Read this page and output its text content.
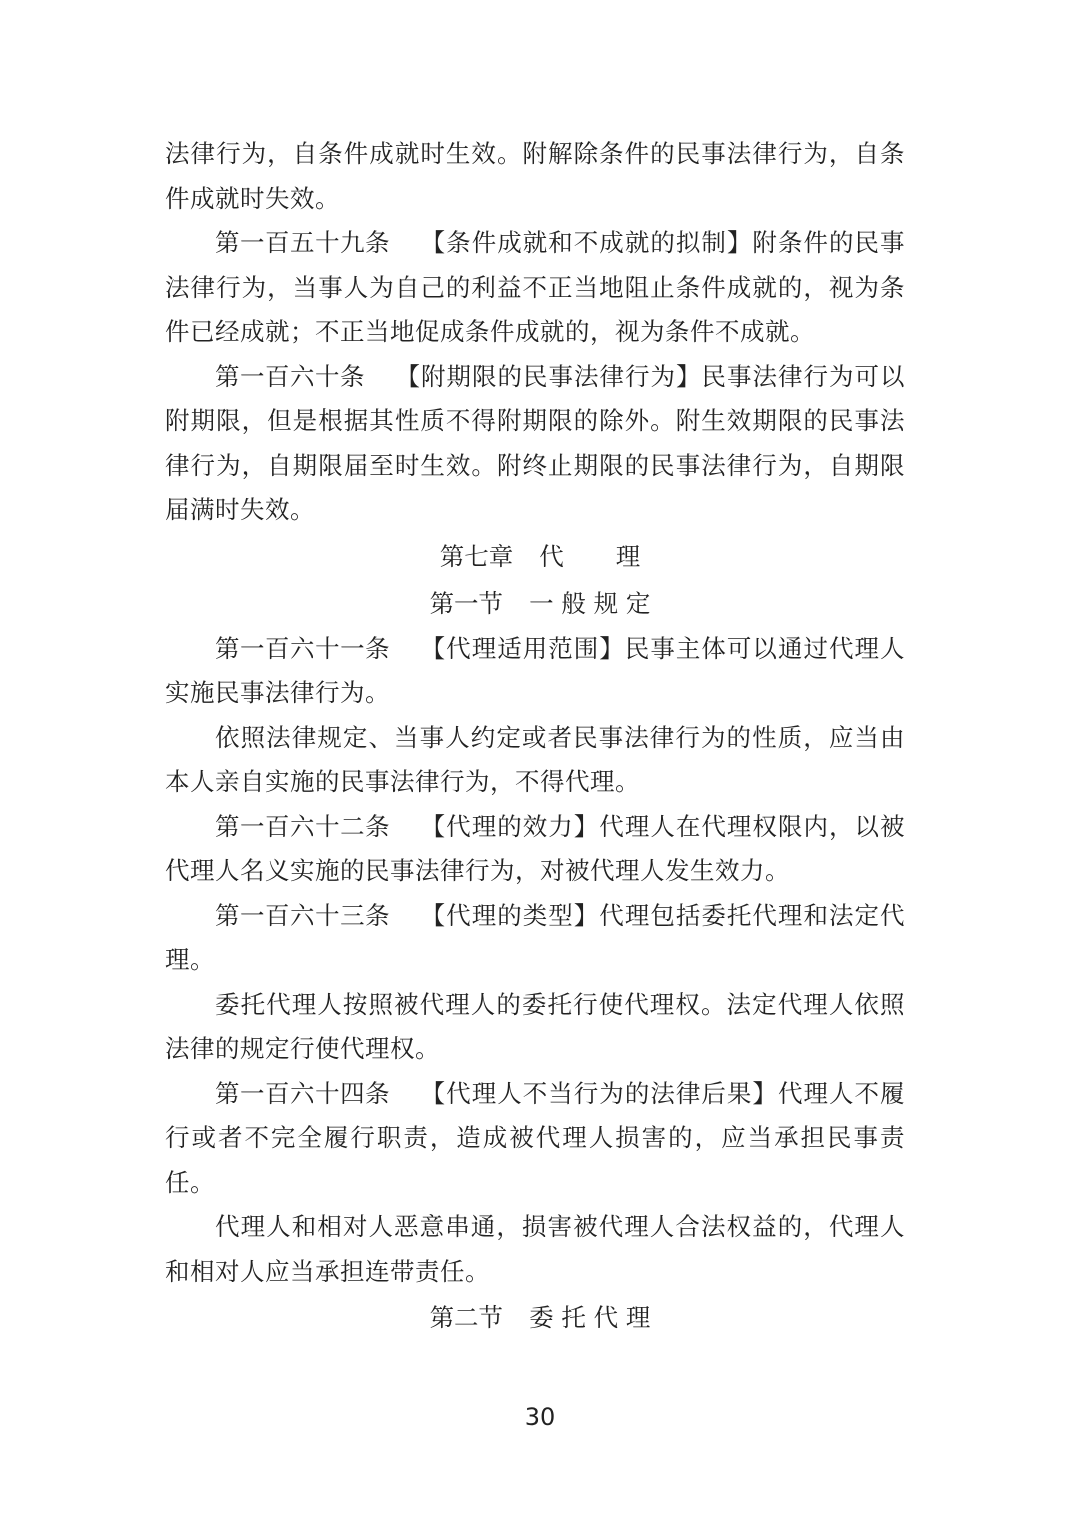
法律行为，自条件成就时生效。附解除条件的民事法律行为，自条件成就时失效。

第一百五十九条 【条件成就和不成就的拟制】附条件的民事法律行为，当事人为自己的利益不正当地阻止条件成就的，视为条件已经成就；不正当地促成条件成就的，视为条件不成就。

第一百六十条 【附期限的民事法律行为】民事法律行为可以附期限，但是根据其性质不得附期限的除外。附生效期限的民事法律行为，自期限届至时生效。附终止期限的民事法律行为，自期限届满时失效。

第七章 代 理

第一节 一 般 规 定

第一百六十一条 【代理适用范围】民事主体可以通过代理人实施民事法律行为。

依照法律规定、当事人约定或者民事法律行为的性质，应当由本人亲自实施的民事法律行为，不得代理。

第一百六十二条 【代理的效力】代理人在代理权限内，以被代理人名义实施的民事法律行为，对被代理人发生效力。

第一百六十三条 【代理的类型】代理包括委托代理和法定代理。

委托代理人按照被代理人的委托行使代理权。法定代理人依照法律的规定行使代理权。

第一百六十四条 【代理人不当行为的法律后果】代理人不履行或者不完全履行职责，造成被代理人损害的，应当承担民事责任。

代理人和相对人恶意串通，损害被代理人合法权益的，代理人和相对人应当承担连带责任。

第二节 委 托 代 理

30
